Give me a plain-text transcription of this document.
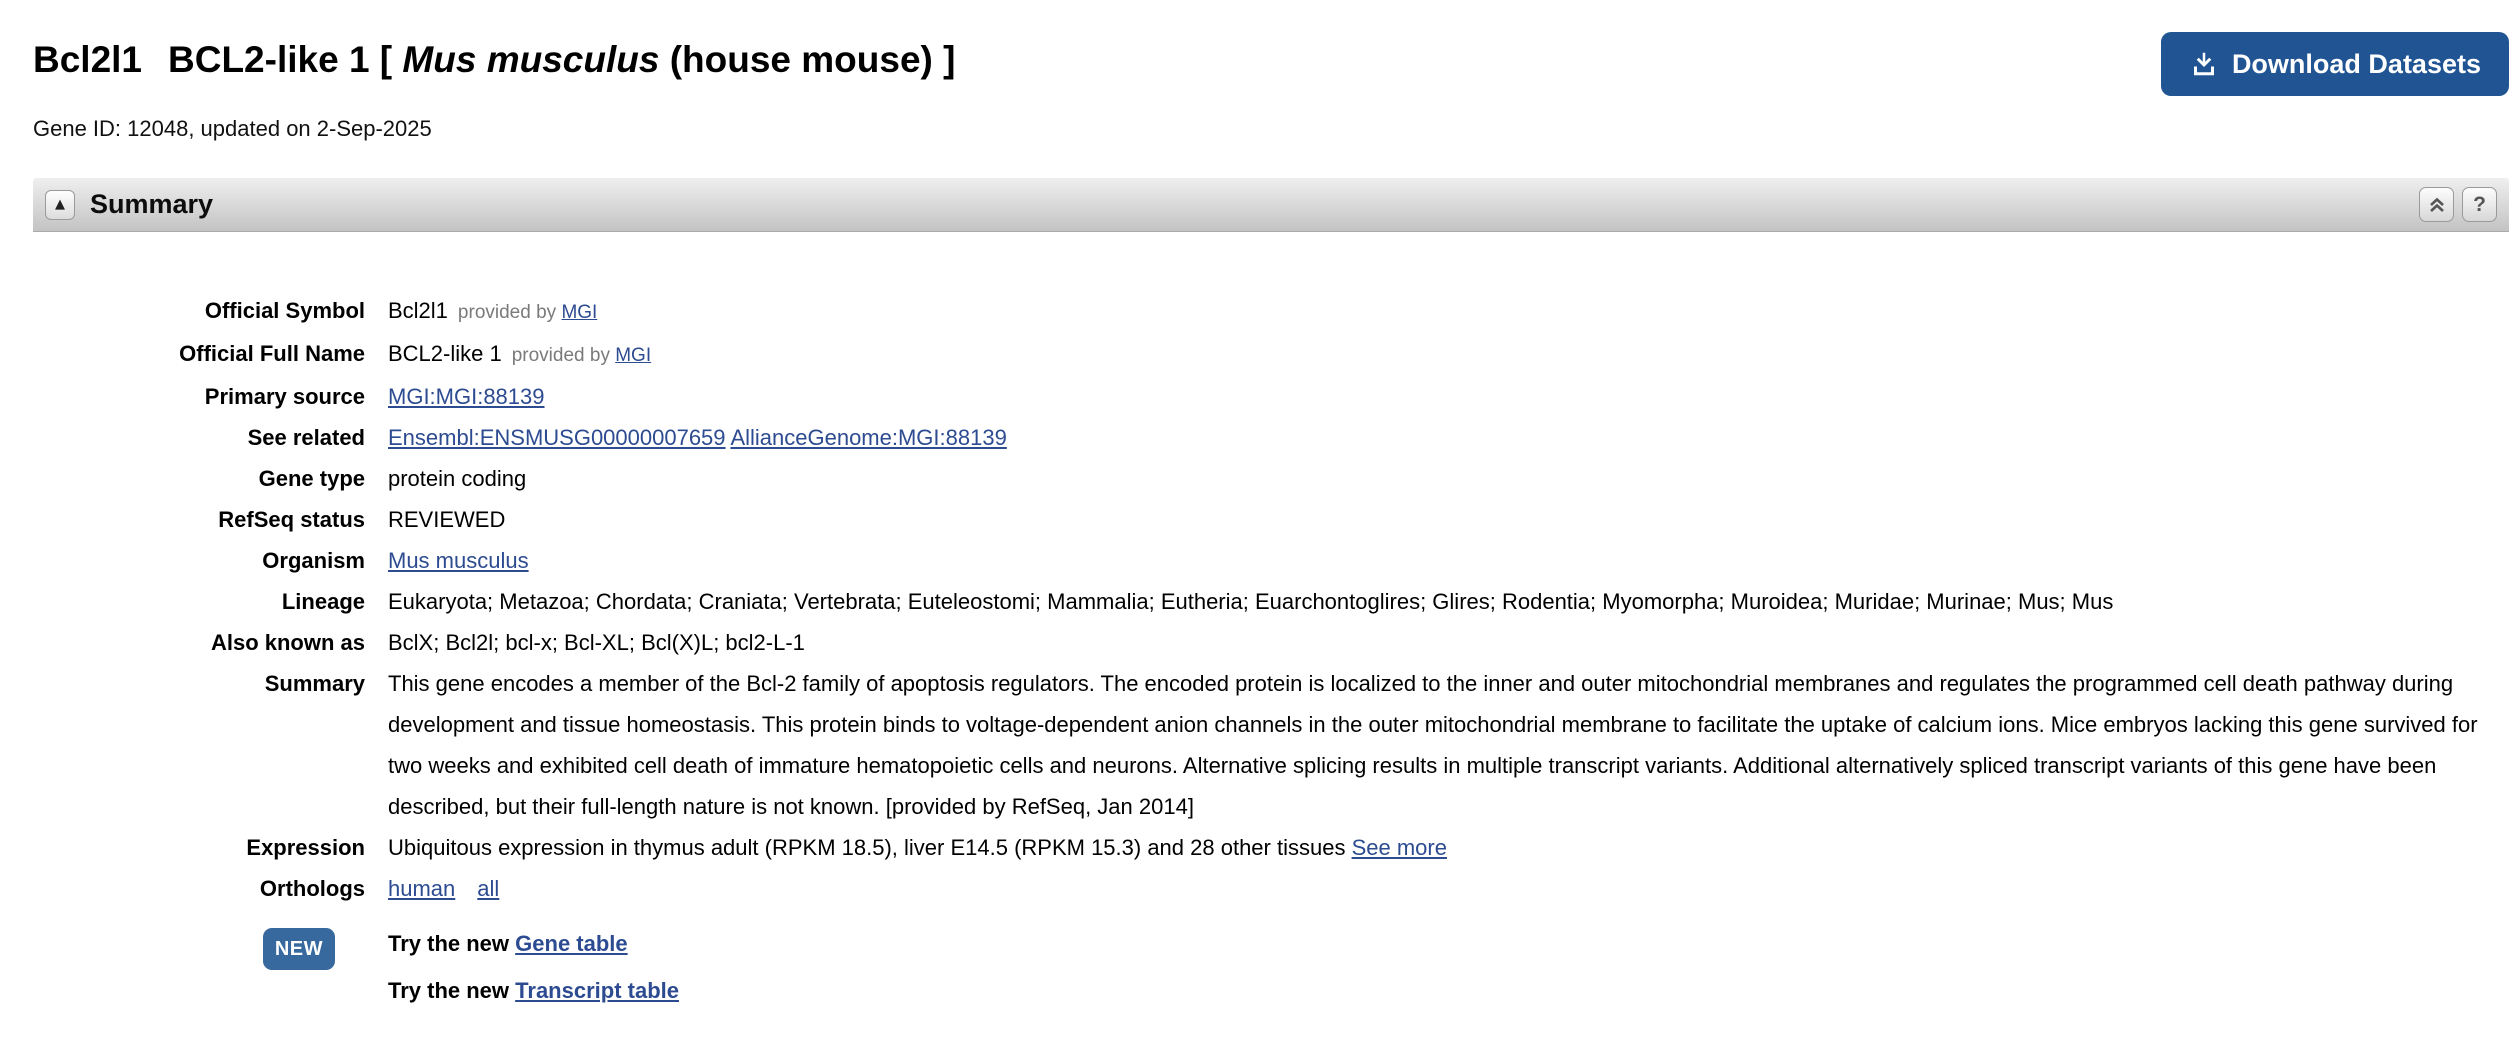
Bcl2l1 BCL2-like 1 [ Mus musculus (house mouse) ]	Download Datasets
Gene ID: 12048, updated on 2-Sep-2025
▲ Summary	?
Official Symbol	Bcl2l1 provided by MGI
Official Full Name	BCL2-like 1 provided by MGI
Primary source	MGI:MGI:88139
See related	Ensembl:ENSMUSG00000007659 AllianceGenome:MGI:88139
Gene type	protein coding
RefSeq status	REVIEWED
Organism	Mus musculus
Lineage	Eukaryota; Metazoa; Chordata; Craniata; Vertebrata; Euteleostomi; Mammalia; Eutheria; Euarchontoglires; Glires; Rodentia; Myomorpha; Muroidea; Muridae; Murinae; Mus; Mus
Also known as	BclX; Bcl2l; bcl-x; Bcl-XL; Bcl(X)L; bcl2-L-1
Summary	This gene encodes a member of the Bcl-2 family of apoptosis regulators. The encoded protein is localized to the inner and outer mitochondrial membranes and regulates the programmed cell death pathway during development and tissue homeostasis. This protein binds to voltage-dependent anion channels in the outer mitochondrial membrane to facilitate the uptake of calcium ions. Mice embryos lacking this gene survived for two weeks and exhibited cell death of immature hematopoietic cells and neurons. Alternative splicing results in multiple transcript variants. Additional alternatively spliced transcript variants of this gene have been described, but their full-length nature is not known. [provided by RefSeq, Jan 2014]
Expression	Ubiquitous expression in thymus adult (RPKM 18.5), liver E14.5 (RPKM 15.3) and 28 other tissues See more
Orthologs	human all
NEW	Try the new Gene table
Try the new Transcript table
